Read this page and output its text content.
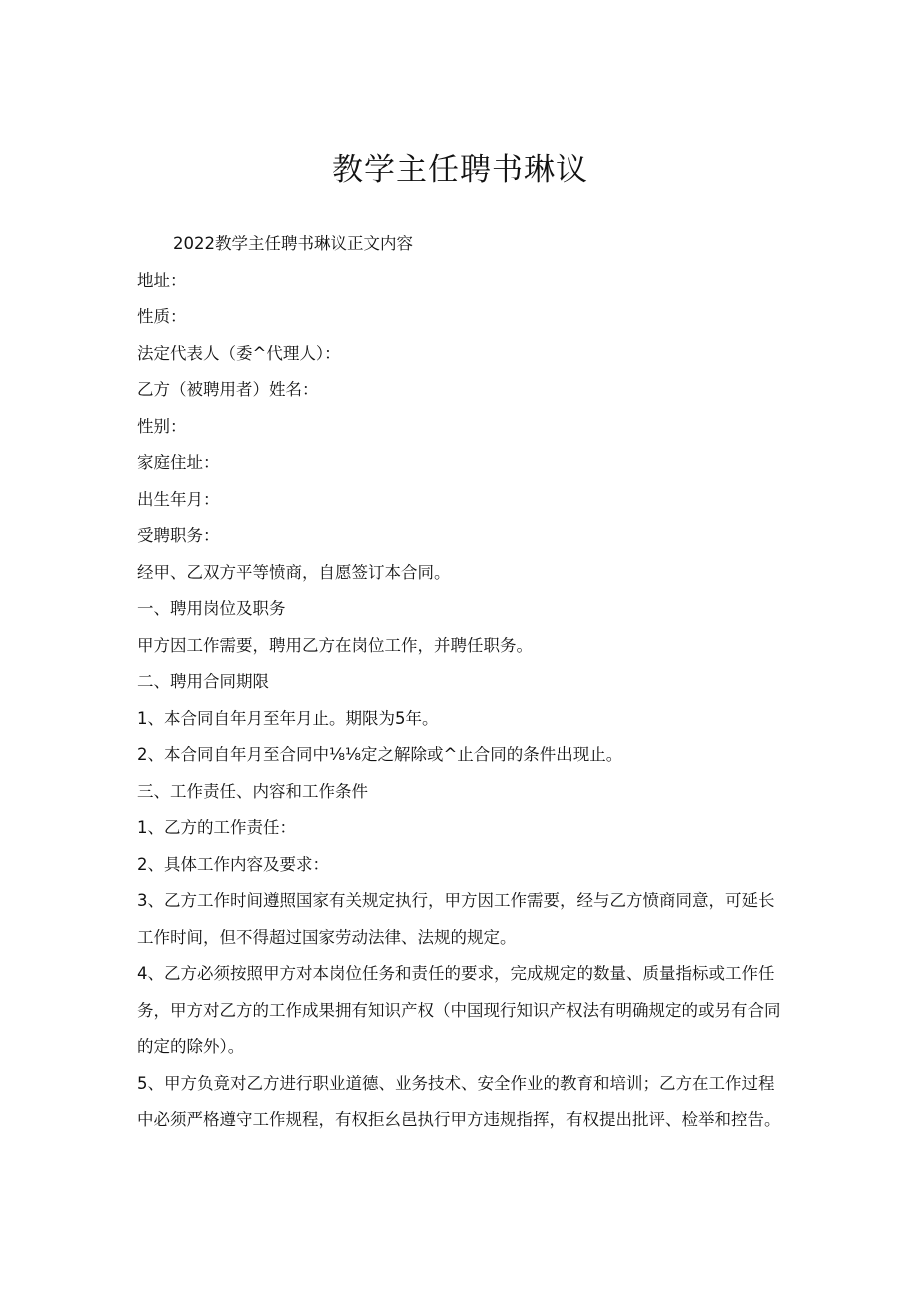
教学主任聘书琳议

2022教学主任聘书琳议正文内容

地址：

性质：

法定代表人（委^代理人）：

乙方（被聘用者）姓名：

性别：

家庭住址：

出生年月：

受聘职务：

经甲、乙双方平等愤商，自愿签订本合同。

一、聘用岗位及职务

甲方因工作需要，聘用乙方在岗位工作，并聘任职务。

二、聘用合同期限

1、本合同自年月至年月止。期限为5年。

2、本合同自年月至合同中⅛⅛定之解除或^止合同的条件出现止。

三、工作责任、内容和工作条件

1、乙方的工作责任：

2、具体工作内容及要求：

3、乙方工作时间遵照国家有关规定执行，甲方因工作需要，经与乙方愤商同意，可延长工作时间，但不得超过国家劳动法律、法规的规定。

4、乙方必须按照甲方对本岗位任务和责任的要求，完成规定的数量、质量指标或工作任务，甲方对乙方的工作成果拥有知识产权（中国现行知识产权法有明确规定的或另有合同的定的除外）。

5、甲方负竟对乙方进行职业道德、业务技术、安全作业的教育和培训；乙方在工作过程中必须严格遵守工作规程，有权拒幺邑执行甲方违规指挥，有权提出批评、检举和控告。
